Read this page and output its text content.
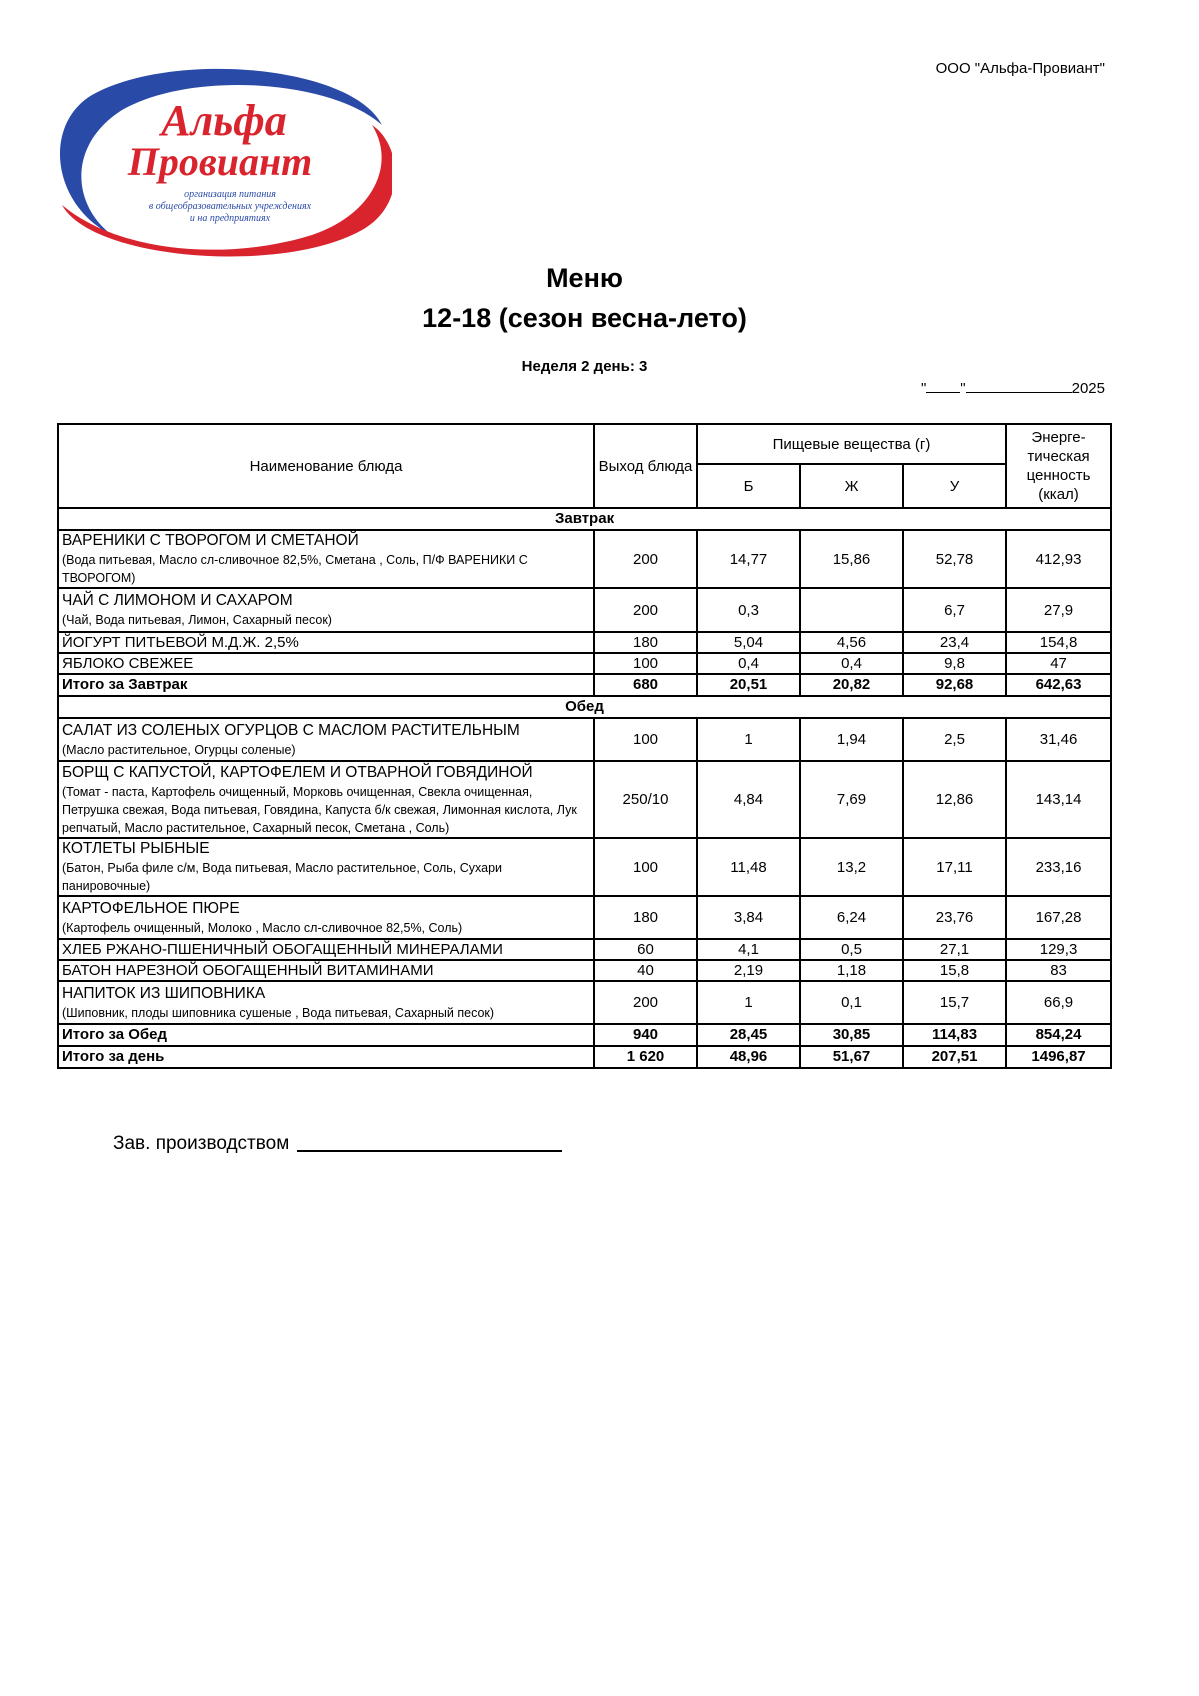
ООО "Альфа-Провиант"
Альфа
Провиант
организация питания
в общеобразовательных учреждениях
и на предприятиях
Меню
12-18 (сезон весна-лето)
Неделя 2 день: 3
" "	2025
Наименование блюда	Выход блюда	Пищевые вещества (г)			Энерге-тическая ценность (ккал)
		Б	Ж	У	
Завтрак					

ВАРЕНИКИ С ТВОРОГОМ И СМЕТАНОЙ
(Вода питьевая, Масло сл-сливочное 82,5%, Сметана , Соль, П/Ф ВАРЕНИКИ С ТВОРОГОМ)	200	14,77	15,86	52,78	412,93

ЧАЙ С ЛИМОНОМ И САХАРОМ
(Чай, Вода питьевая, Лимон, Сахарный песок)	200	0,3		6,7	27,9
ЙОГУРТ ПИТЬЕВОЙ М.Д.Ж. 2,5%	180	5,04	4,56	23,4	154,8
ЯБЛОКО СВЕЖЕЕ	100	0,4	0,4	9,8	47
Итого за Завтрак	680	20,51	20,82	92,68	642,63
Обед					

САЛАТ ИЗ СОЛЕНЫХ ОГУРЦОВ С МАСЛОМ РАСТИТЕЛЬНЫМ
(Масло растительное, Огурцы соленые)	100	1	1,94	2,5	31,46

БОРЩ С КАПУСТОЙ, КАРТОФЕЛЕМ И ОТВАРНОЙ ГОВЯДИНОЙ
(Томат - паста, Картофель очищенный, Морковь очищенная, Свекла очищенная, Петрушка свежая, Вода питьевая, Говядина, Капуста б/к свежая, Лимонная кислота, Лук репчатый, Масло растительное, Сахарный песок, Сметана , Соль)	250/10	4,84	7,69	12,86	143,14

КОТЛЕТЫ РЫБНЫЕ
(Батон, Рыба филе с/м, Вода питьевая, Масло растительное, Соль, Сухари панировочные)	100	11,48	13,2	17,11	233,16

КАРТОФЕЛЬНОЕ ПЮРЕ
(Картофель очищенный, Молоко , Масло сл-сливочное 82,5%, Соль)	180	3,84	6,24	23,76	167,28
ХЛЕБ РЖАНО-ПШЕНИЧНЫЙ ОБОГАЩЕННЫЙ МИНЕРАЛАМИ	60	4,1	0,5	27,1	129,3
БАТОН НАРЕЗНОЙ ОБОГАЩЕННЫЙ ВИТАМИНАМИ	40	2,19	1,18	15,8	83

НАПИТОК ИЗ ШИПОВНИКА
(Шиповник, плоды шиповника сушеные , Вода питьевая, Сахарный песок)	200	1	0,1	15,7	66,9
Итого за Обед	940	28,45	30,85	114,83	854,24
Итого за день	1 620	48,96	51,67	207,51	1496,87
Зав. производством
